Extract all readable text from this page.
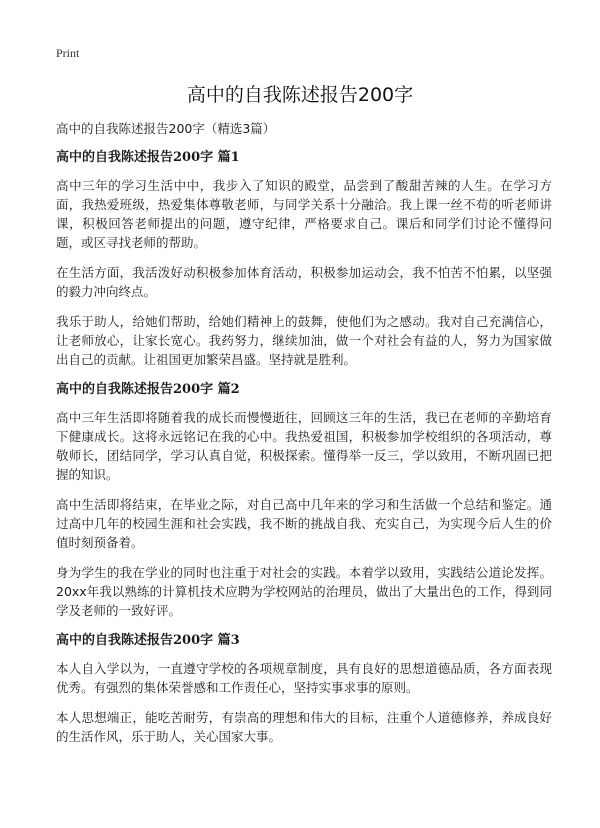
Print
高中的自我陈述报告200字
高中的自我陈述报告200字（精选3篇）
高中的自我陈述报告200字 篇1

高中三年的学习生活中中，我步入了知识的殿堂，品尝到了酸甜苦辣的人生。在学习方面，我热爱班级，热爱集体尊敬老师，与同学关系十分融洽。我上课一丝不苟的听老师讲课，积极回答老师提出的问题，遵守纪律，严格要求自己。课后和同学们讨论不懂得问题，或区寻找老师的帮助。

在生活方面，我活泼好动积极参加体育活动，积极参加运动会，我不怕苦不怕累，以坚强的毅力冲向终点。

我乐于助人，给她们帮助，给她们精神上的鼓舞，使他们为之感动。我对自己充满信心，让老师放心，让家长宽心。我药努力，继续加油，做一个对社会有益的人，努力为国家做出自己的贡献。让祖国更加繁荣昌盛。坚持就是胜利。

高中的自我陈述报告200字 篇2

高中三年生活即将随着我的成长而慢慢逝往，回顾这三年的生活，我已在老师的辛勤培育下健康成长。这将永远铭记在我的心中。我热爱祖国，积极参加学校组织的各项活动，尊敬师长，团结同学，学习认真自觉，积极探索。懂得举一反三，学以致用，不断巩固已把握的知识。

高中生活即将结束，在毕业之际，对自己高中几年来的学习和生活做一个总结和鉴定。通过高中几年的校园生涯和社会实践，我不断的挑战自我、充实自己，为实现今后人生的价值时刻预备着。

身为学生的我在学业的同时也注重于对社会的实践。本着学以致用，实践结公道论发挥。20xx年我以熟练的计算机技术应聘为学校网站的治理员，做出了大量出色的工作，得到同学及老师的一致好评。

高中的自我陈述报告200字 篇3

本人自入学以为，一直遵守学校的各项规章制度，具有良好的思想道德品质，各方面表现优秀。有强烈的集体荣誉感和工作责任心，坚持实事求事的原则。

本人思想端正，能吃苦耐劳，有崇高的理想和伟大的目标，注重个人道德修养，养成良好的生活作风，乐于助人，关心国家大事。
